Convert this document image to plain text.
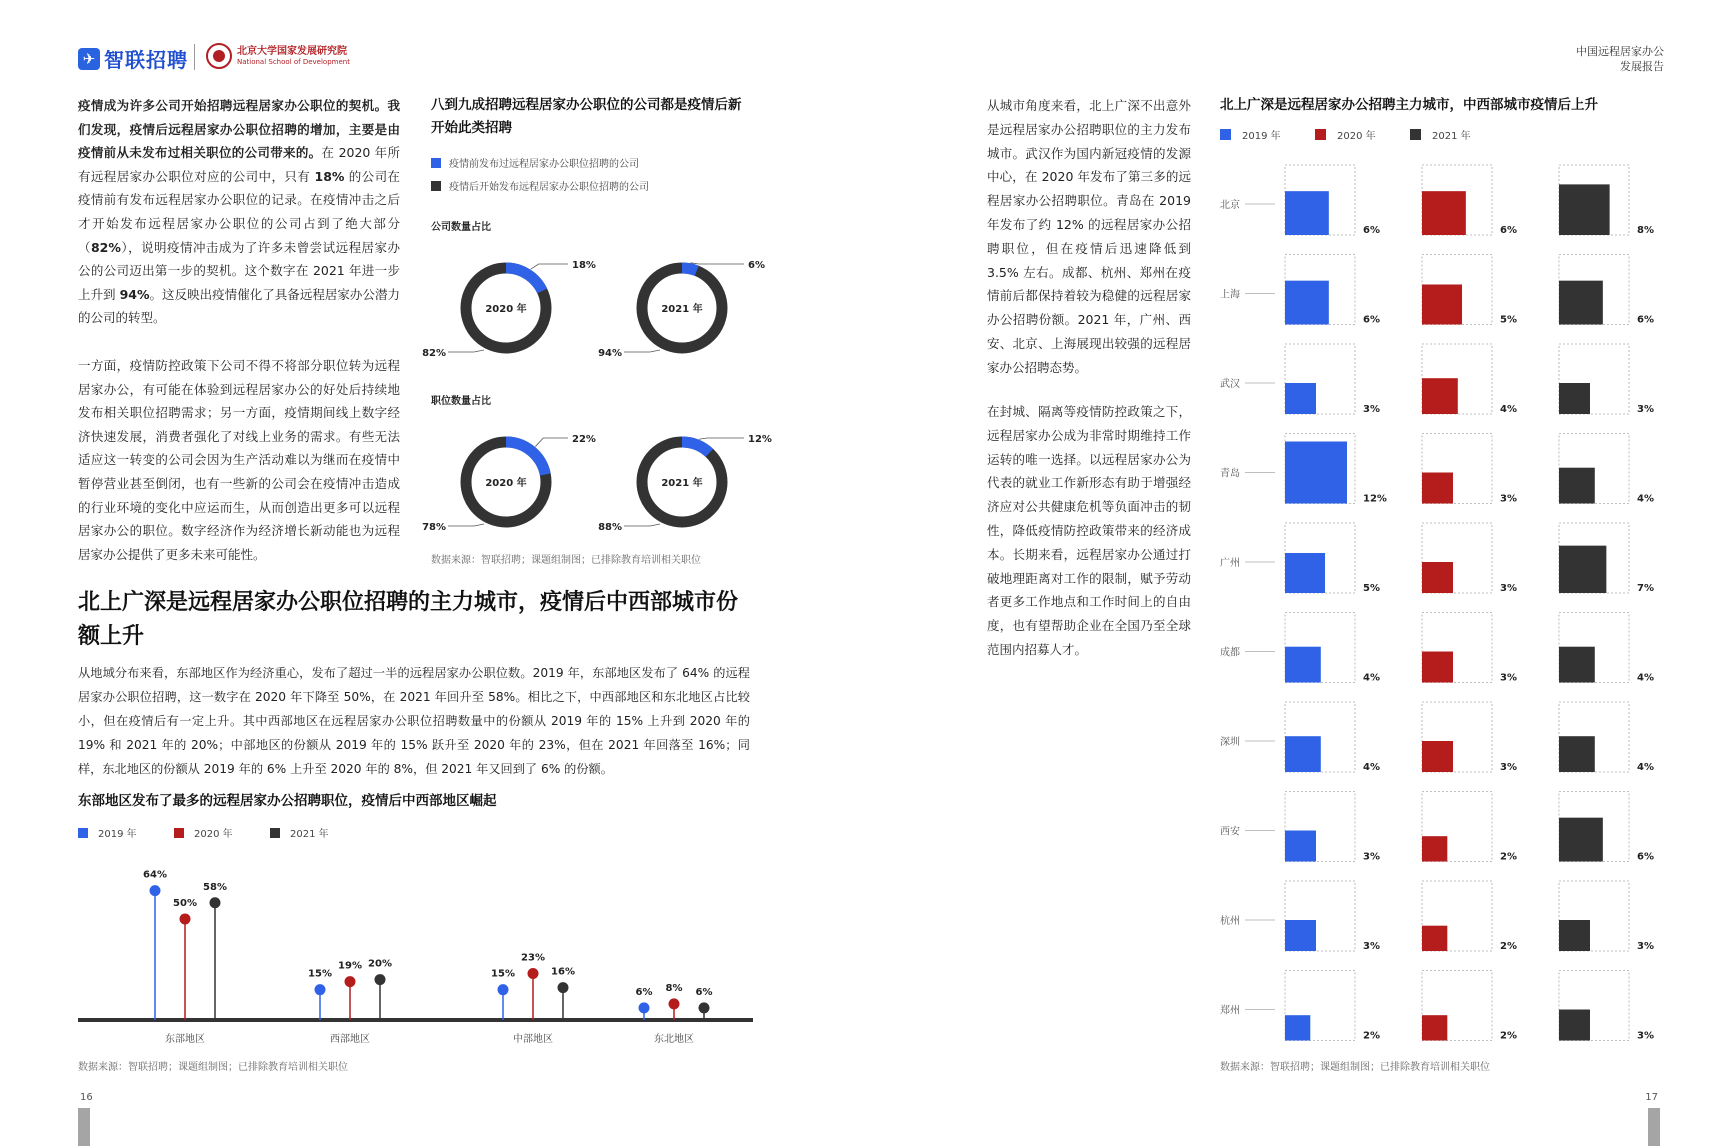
✈ 智联招聘	北京大学国家发展研究院
National School of Development
中国远程居家办公
发展报告
疫情成为许多公司开始招聘远程居家办公职位的契机。我们发现，疫情后远程居家办公职位招聘的增加，主要是由疫情前从未发布过相关职位的公司带来的。在 2020 年所有远程居家办公职位对应的公司中，只有 18% 的公司在疫情前有发布远程居家办公职位的记录。在疫情冲击之后才开始发布远程居家办公职位的公司占到了绝大部分（82%），说明疫情冲击成为了许多未曾尝试远程居家办公的公司迈出第一步的契机。这个数字在 2021 年进一步上升到 94%。这反映出疫情催化了具备远程居家办公潜力的公司的转型。
一方面，疫情防控政策下公司不得不将部分职位转为远程居家办公，有可能在体验到远程居家办公的好处后持续地发布相关职位招聘需求；另一方面，疫情期间线上数字经济快速发展，消费者强化了对线上业务的需求。有些无法适应这一转变的公司会因为生产活动难以为继而在疫情中暂停营业甚至倒闭，也有一些新的公司会在疫情冲击造成的行业环境的变化中应运而生，从而创造出更多可以远程居家办公的职位。数字经济作为经济增长新动能也为远程居家办公提供了更多未来可能性。
八到九成招聘远程居家办公职位的公司都是疫情后新开始此类招聘
疫情前发布过远程居家办公职位招聘的公司
疫情后开始发布远程居家办公职位招聘的公司
公司数量占比
职位数量占比
2020 年
18%
82%
2021 年
6%
94%
2020 年
22%
78%
2021 年
12%
88%
数据来源：智联招聘；课题组制图；已排除教育培训相关职位
北上广深是远程居家办公职位招聘的主力城市，疫情后中西部城市份额上升
从地域分布来看，东部地区作为经济重心，发布了超过一半的远程居家办公职位数。2019 年，东部地区发布了 64% 的远程居家办公职位招聘，这一数字在 2020 年下降至 50%，在 2021 年回升至 58%。相比之下，中西部地区和东北地区占比较小，但在疫情后有一定上升。其中西部地区在远程居家办公职位招聘数量中的份额从 2019 年的 15% 上升到 2020 年的 19% 和 2021 年的 20%；中部地区的份额从 2019 年的 15% 跃升至 2020 年的 23%，但在 2021 年回落至 16%；同样，东北地区的份额从 2019 年的 6% 上升至 2020 年的 8%，但 2021 年又回到了 6% 的份额。
东部地区发布了最多的远程居家办公招聘职位，疫情后中西部地区崛起
2019 年	2020 年	2021 年
64%
50%
58%
东部地区
15%
19% 20%
西部地区
15%
23%
16%
中部地区
6% 8% 6%
东北地区
数据来源：智联招聘；课题组制图；已排除教育培训相关职位
16
从城市角度来看，北上广深不出意外是远程居家办公招聘职位的主力发布城市。武汉作为国内新冠疫情的发源中心，在 2020 年发布了第三多的远程居家办公招聘职位。青岛在 2019 年发布了约 12% 的远程居家办公招聘职位，但在疫情后迅速降低到 3.5% 左右。成都、杭州、郑州在疫情前后都保持着较为稳健的远程居家办公招聘份额。2021 年，广州、西安、北京、上海展现出较强的远程居家办公招聘态势。
在封城、隔离等疫情防控政策之下，远程居家办公成为非常时期维持工作运转的唯一选择。以远程居家办公为代表的就业工作新形态有助于增强经济应对公共健康危机等负面冲击的韧性，降低疫情防控政策带来的经济成本。长期来看，远程居家办公通过打破地理距离对工作的限制，赋予劳动者更多工作地点和工作时间上的自由度，也有望帮助企业在全国乃至全球范围内招募人才。
北上广深是远程居家办公招聘主力城市，中西部城市疫情后上升
2019 年	2020 年	2021 年
北京
6%	6%	8%
上海
6%	5%	6%
武汉
3%	4%	3%
青岛
12%	3%	4%
广州
5%	3%	7%
成都
4%	3%	4%
深圳
4%	3%	4%
西安
3%	2%	6%
杭州
3%	2%	3%
郑州
2%	2%	3%
数据来源：智联招聘；课题组制图；已排除教育培训相关职位
17
